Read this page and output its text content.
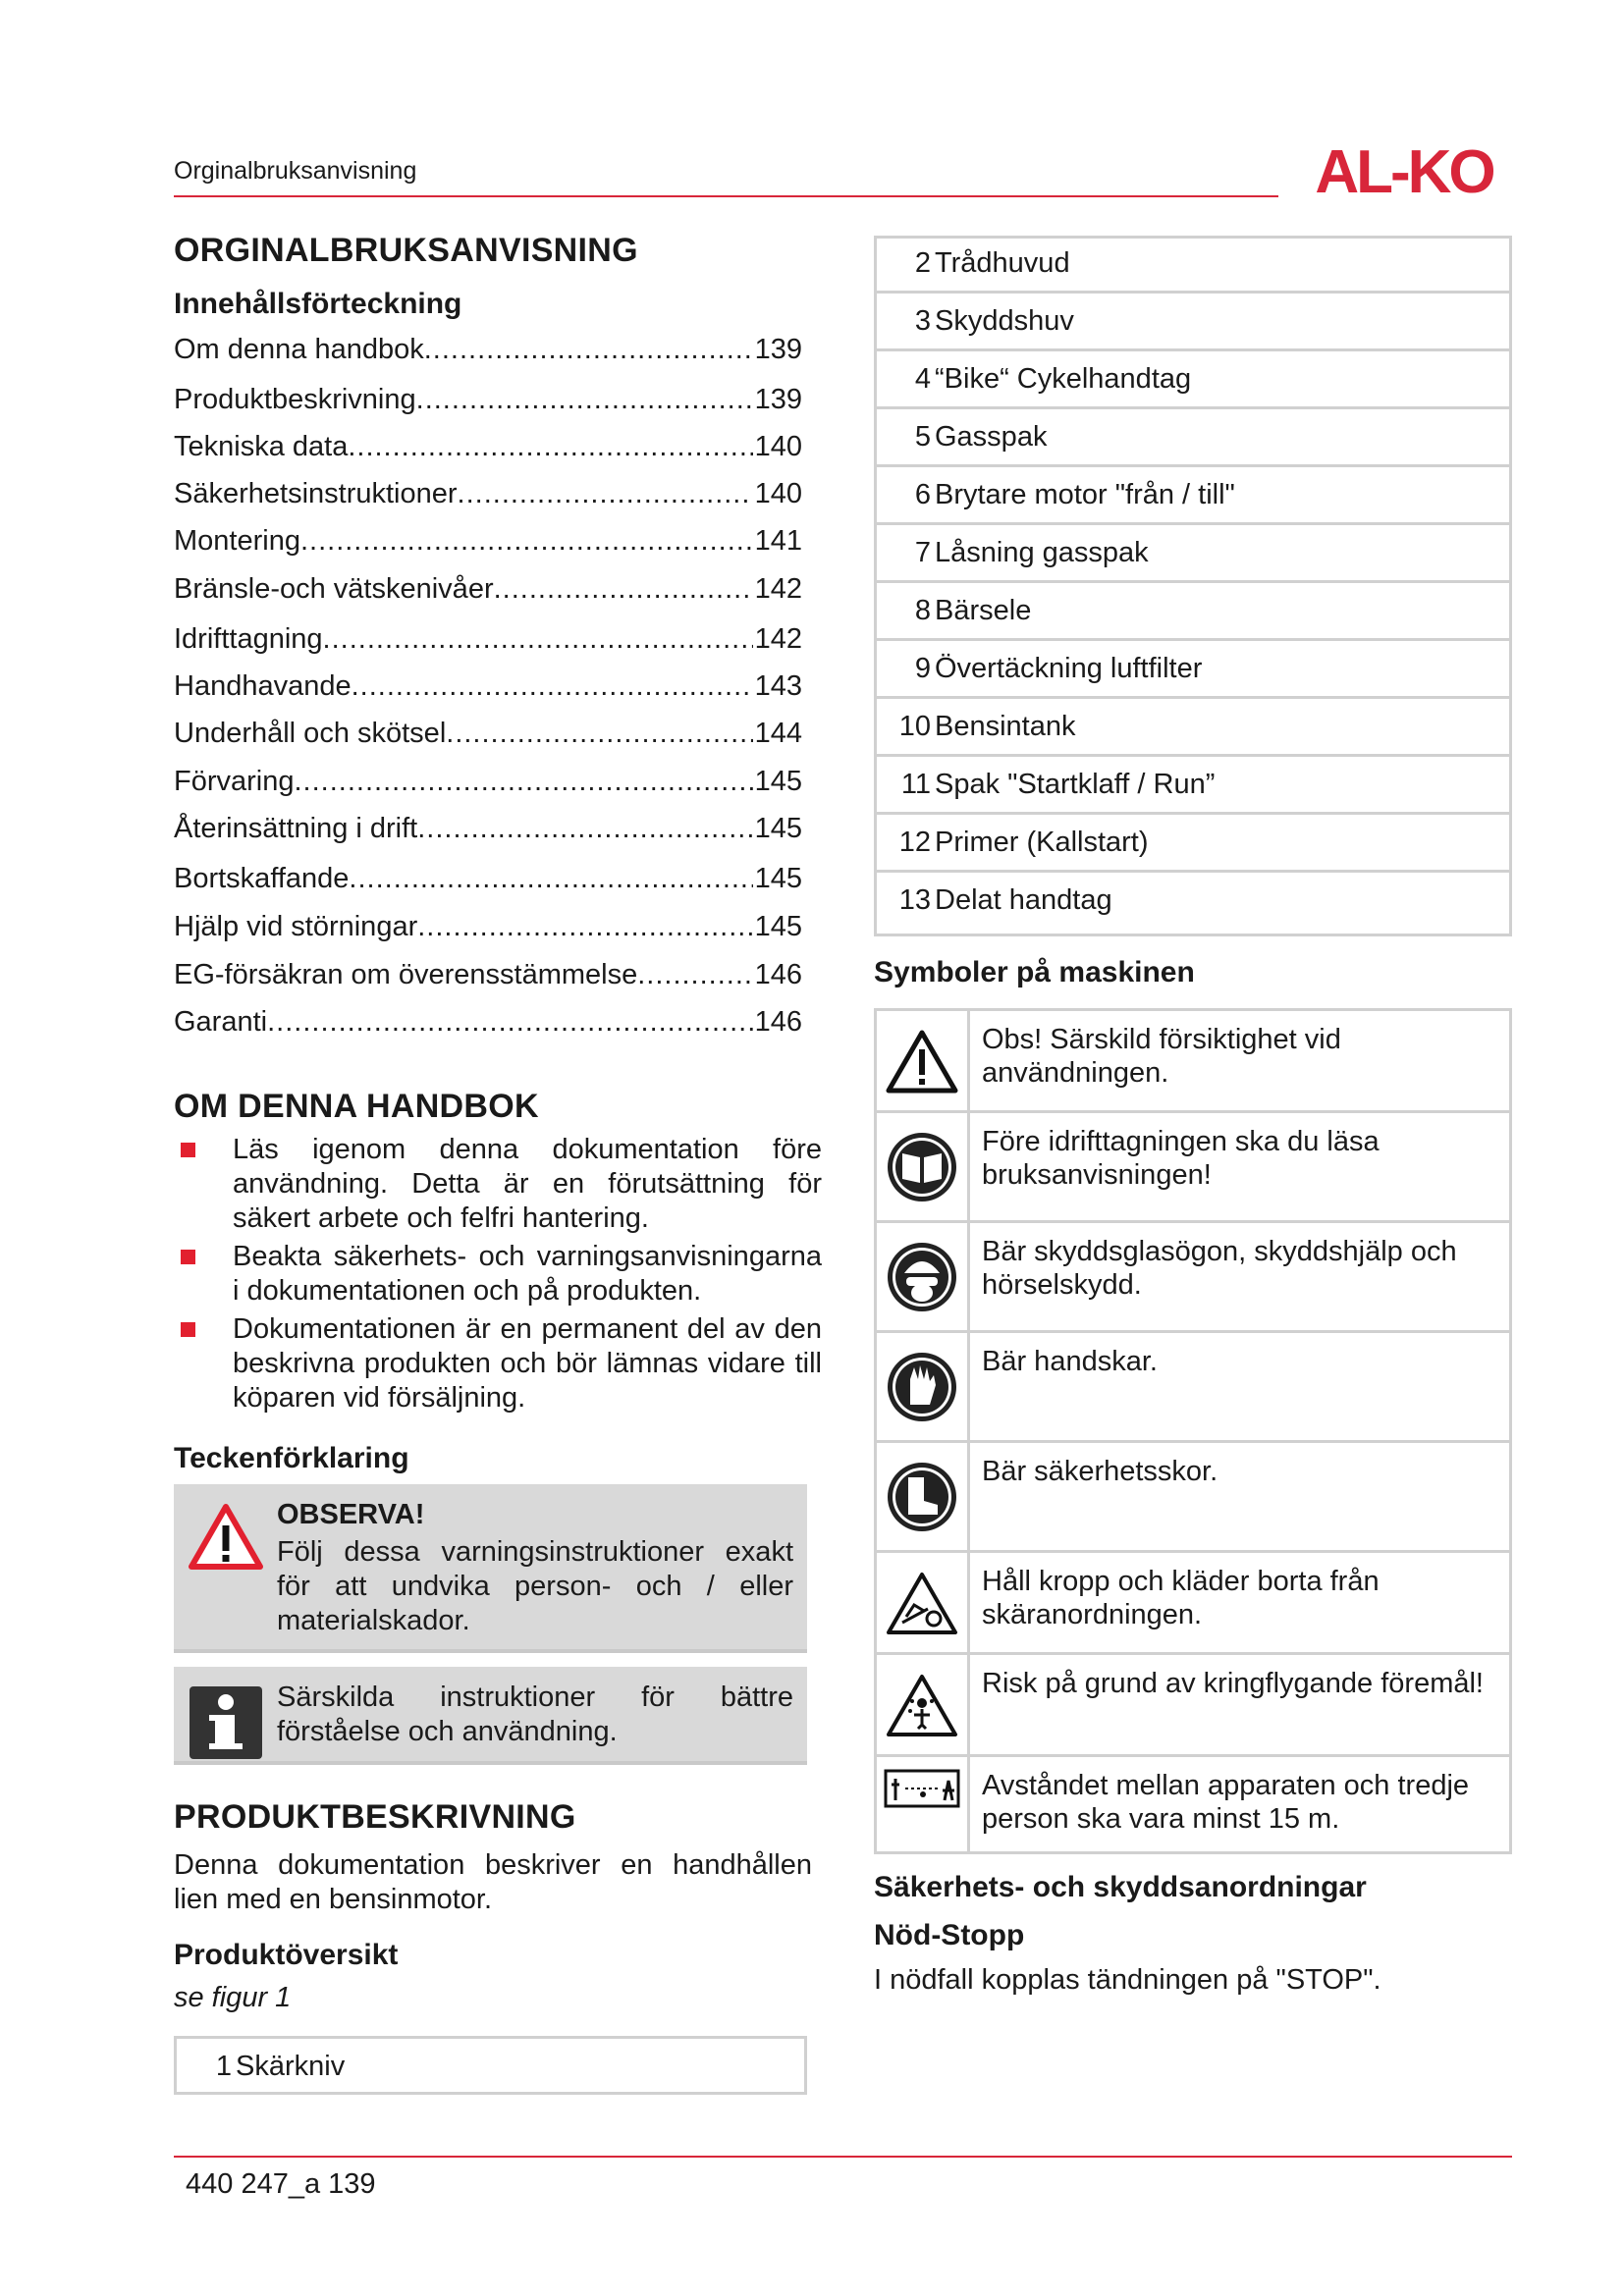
Orginalbruksanvisning	AL-KO
ORGINALBRUKSANVISNING
Innehållsförteckning
Om denna handbok .....	139
Produktbeskrivning .....	139
Tekniska data .....	140
Säkerhetsinstruktioner .....	140
Montering .....	141
Bränsle-och vätskenivåer .....	142
Idrifttagning .....	142
Handhavande .....	143
Underhåll och skötsel .....	144
Förvaring .....	145
Återinsättning i drift .....	145
Bortskaffande .....	145
Hjälp vid störningar .....	145
EG-försäkran om överensstämmelse .....	146
Garanti .....	146
OM DENNA HANDBOK
Läs igenom denna dokumentation före användning. Detta är en förutsättning för säkert arbete och felfri hantering.
Beakta säkerhets- och varningsanvisningarna i dokumentationen och på produkten.
Dokumentationen är en permanent del av den beskrivna produkten och bör lämnas vidare till köparen vid försäljning.
Teckenförklaring
OBSERVA!
Följ dessa varningsinstruktioner exakt för att undvika person- och / eller materialskador.
Särskilda instruktioner för bättre förståelse och användning.
PRODUKTBESKRIVNING
Denna dokumentation beskriver en handhållen lien med en bensinmotor.
Produktöversikt
se figur 1
1 Skärkniv
2 Trådhuvud
3 Skyddshuv
4 “Bike“ Cykelhandtag
5 Gasspak
6 Brytare motor "från / till"
7 Låsning gasspak
8 Bärsele
9 Övertäckning luftfilter
10 Bensintank
11 Spak "Startklaff / Run”
12 Primer (Kallstart)
13 Delat handtag
Symboler på maskinen
Obs! Särskild försiktighet vid användningen.
Före idrifttagningen ska du läsa bruksanvisningen!
Bär skyddsglasögon, skyddshjälp och hörselskydd.
Bär handskar.
Bär säkerhetsskor.
Håll kropp och kläder borta från skäranordningen.
Risk på grund av kringflygande föremål!
Avståndet mellan apparaten och tredje person ska vara minst 15 m.
Säkerhets- och skyddsanordningar
Nöd-Stopp
I nödfall kopplas tändningen på "STOP".
440 247_a 139
